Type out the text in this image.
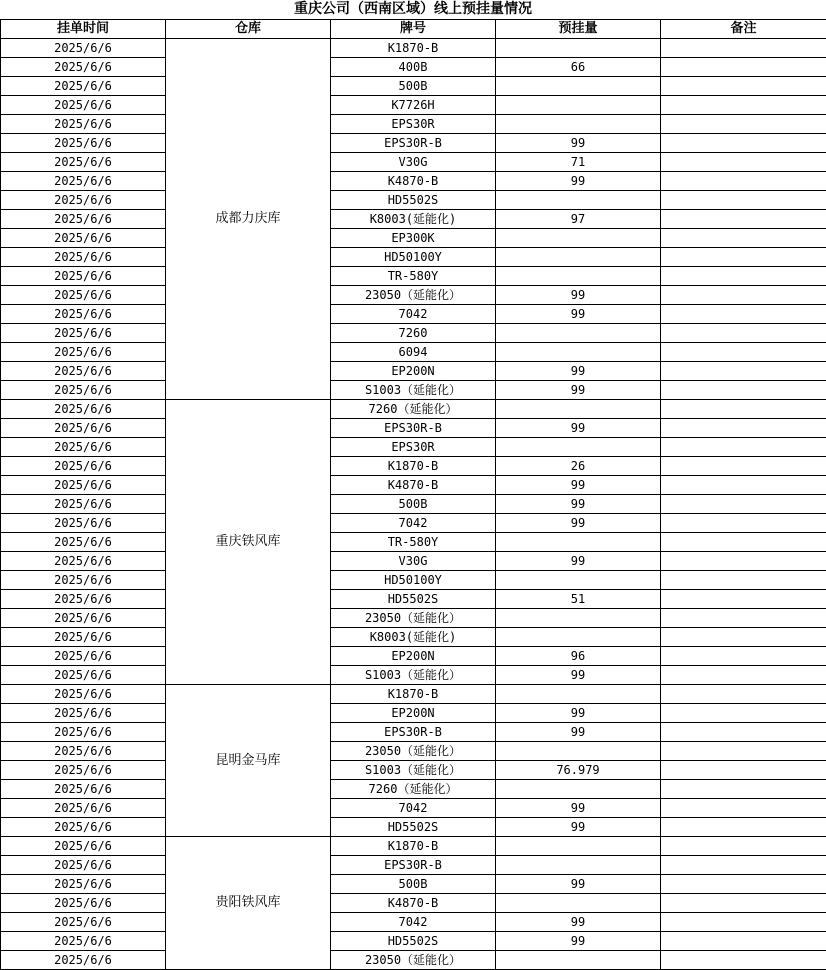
重庆公司（西南区域）线上预挂量情况
挂单时间	仓库	牌号	预挂量	备注
2025/6/6	成都力庆库	K1870-B		
2025/6/6		400B	66	
2025/6/6		500B		
2025/6/6		K7726H		
2025/6/6		EPS30R		
2025/6/6		EPS30R-B	99	
2025/6/6		V30G	71	
2025/6/6		K4870-B	99	
2025/6/6		HD5502S		
2025/6/6		K8003(延能化)	97	
2025/6/6		EP300K		
2025/6/6		HD50100Y		
2025/6/6		TR-580Y		
2025/6/6		23050（延能化）	99	
2025/6/6		7042	99	
2025/6/6		7260		
2025/6/6		6094		
2025/6/6		EP200N	99	
2025/6/6		S1003（延能化）	99	
2025/6/6	重庆铁风库	7260（延能化）		
2025/6/6		EPS30R-B	99	
2025/6/6		EPS30R		
2025/6/6		K1870-B	26	
2025/6/6		K4870-B	99	
2025/6/6		500B	99	
2025/6/6		7042	99	
2025/6/6		TR-580Y		
2025/6/6		V30G	99	
2025/6/6		HD50100Y		
2025/6/6		HD5502S	51	
2025/6/6		23050（延能化）		
2025/6/6		K8003(延能化)		
2025/6/6		EP200N	96	
2025/6/6		S1003（延能化）	99	
2025/6/6	昆明金马库	K1870-B		
2025/6/6		EP200N	99	
2025/6/6		EPS30R-B	99	
2025/6/6		23050（延能化）		
2025/6/6		S1003（延能化）	76.979	
2025/6/6		7260（延能化）		
2025/6/6		7042	99	
2025/6/6		HD5502S	99	
2025/6/6	贵阳铁风库	K1870-B		
2025/6/6		EPS30R-B		
2025/6/6		500B	99	
2025/6/6		K4870-B		
2025/6/6		7042	99	
2025/6/6		HD5502S	99	
2025/6/6		23050（延能化）		
